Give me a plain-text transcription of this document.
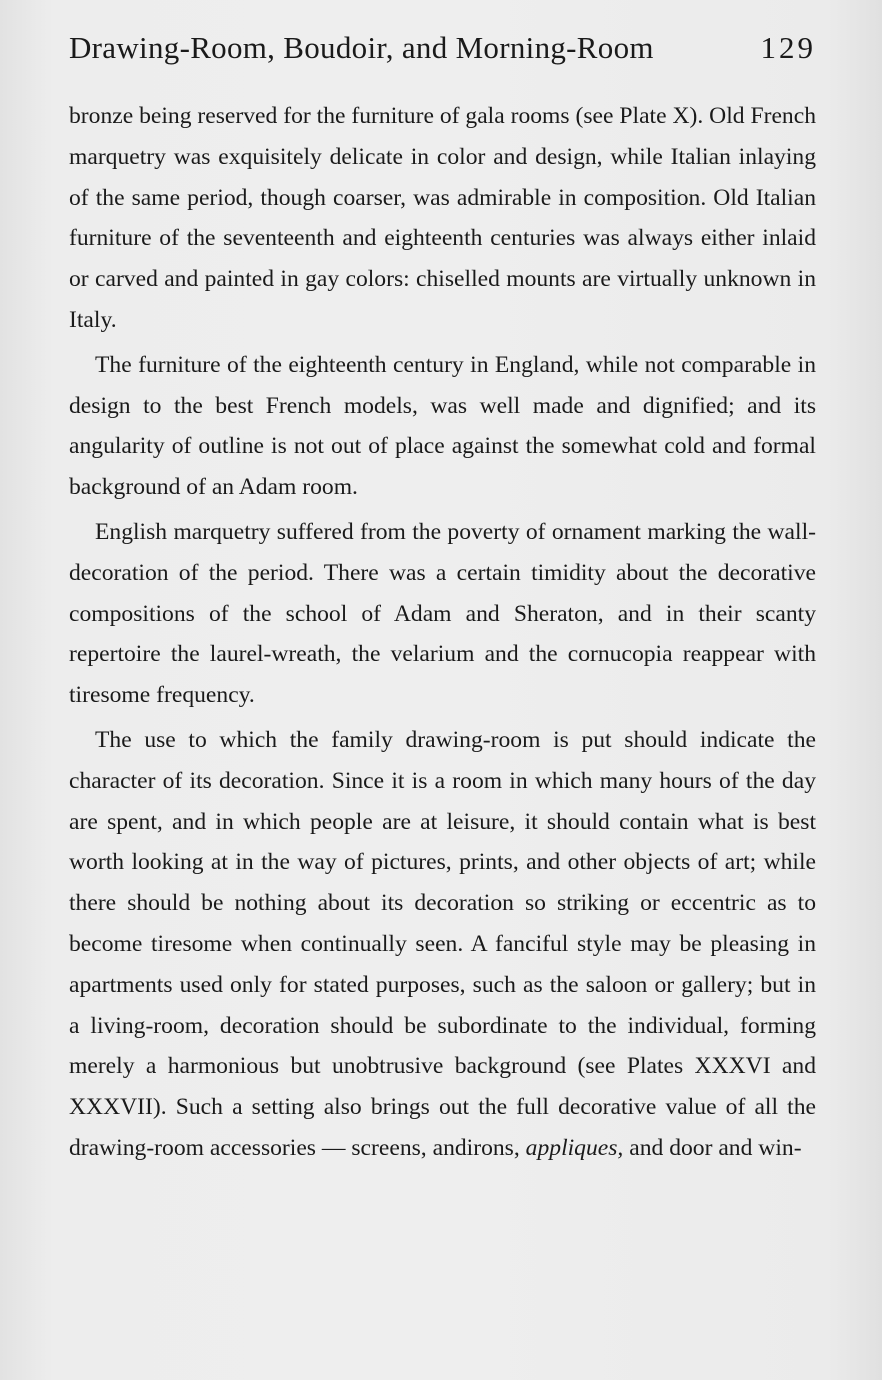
Drawing-Room, Boudoir, and Morning-Room	129

bronze being reserved for the furniture of gala rooms (see Plate X). Old French marquetry was exquisitely delicate in color and design, while Italian inlaying of the same period, though coarser, was admirable in composition. Old Italian furniture of the seventeenth and eighteenth centuries was always either inlaid or carved and painted in gay colors: chiselled mounts are virtually unknown in Italy.

The furniture of the eighteenth century in England, while not comparable in design to the best French models, was well made and dignified; and its angularity of outline is not out of place against the somewhat cold and formal background of an Adam room.

English marquetry suffered from the poverty of ornament marking the wall-decoration of the period. There was a certain timidity about the decorative compositions of the school of Adam and Sheraton, and in their scanty repertoire the laurel-wreath, the velarium and the cornucopia reappear with tiresome frequency.

The use to which the family drawing-room is put should indicate the character of its decoration. Since it is a room in which many hours of the day are spent, and in which people are at leisure, it should contain what is best worth looking at in the way of pictures, prints, and other objects of art; while there should be nothing about its decoration so striking or eccentric as to become tiresome when continually seen. A fanciful style may be pleasing in apartments used only for stated purposes, such as the saloon or gallery; but in a living-room, decoration should be subordinate to the individual, forming merely a harmonious but unobtrusive background (see Plates XXXVI and XXXVII). Such a setting also brings out the full decorative value of all the drawing-room accessories — screens, andirons, appliques, and door and win-
